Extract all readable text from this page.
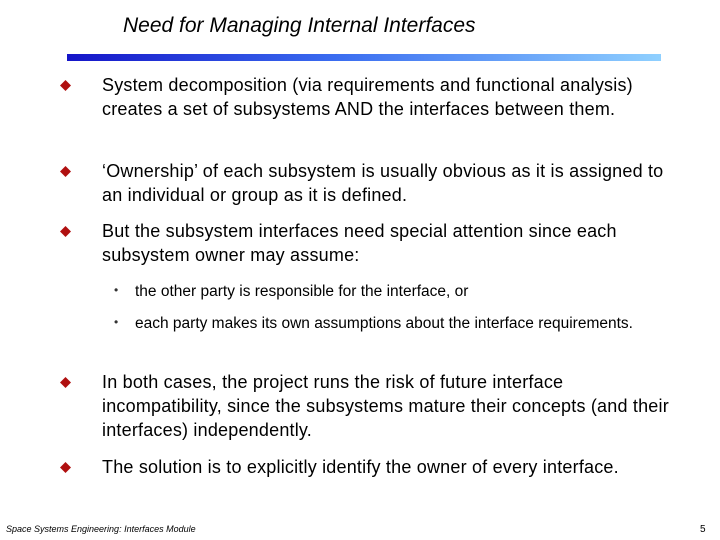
Need for Managing Internal Interfaces
System decomposition (via requirements and functional analysis) creates a set of subsystems AND the interfaces between them.
‘Ownership’ of each subsystem is usually obvious as it is assigned to an individual or group as it is defined.
But the subsystem interfaces need special attention since each subsystem owner may assume:
• the other party is responsible for the interface, or
• each party makes its own assumptions about the interface requirements.
In both cases, the project runs the risk of future interface incompatibility, since the subsystems mature their concepts (and their interfaces) independently.
The solution is to explicitly identify the owner of every interface.
Space Systems Engineering: Interfaces Module	5
